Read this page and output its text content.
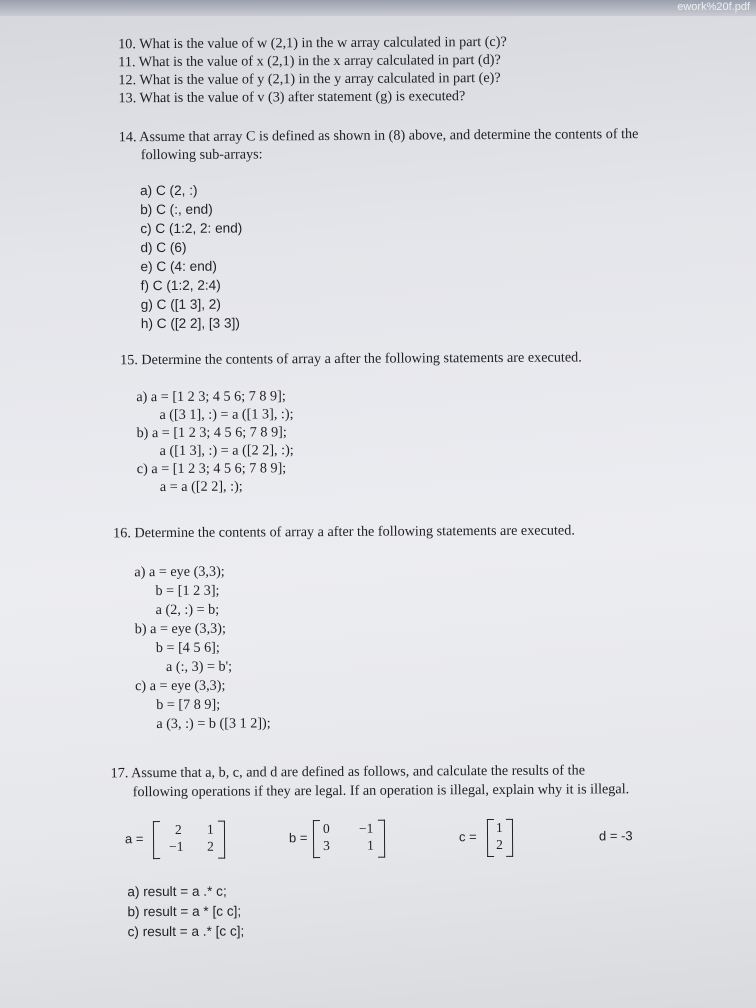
ework%20f.pdf
10. What is the value of w (2,1) in the w array calculated in part (c)?
11. What is the value of x (2,1) in the x array calculated in part (d)?
12. What is the value of y (2,1) in the y array calculated in part (e)?
13. What is the value of v (3) after statement (g) is executed?
14. Assume that array C is defined as shown in (8) above, and determine the contents of the
following sub-arrays:
a) C (2, :)
b) C (:, end)
c) C (1:2, 2: end)
d) C (6)
e) C (4: end)
f) C (1:2, 2:4)
g) C ([1 3], 2)
h) C ([2 2], [3 3])
15. Determine the contents of array a after the following statements are executed.
a) a = [1 2 3; 4 5 6; 7 8 9];
a ([3 1], :) = a ([1 3], :);
b) a = [1 2 3; 4 5 6; 7 8 9];
a ([1 3], :) = a ([2 2], :);
c) a = [1 2 3; 4 5 6; 7 8 9];
a = a ([2 2], :);
16. Determine the contents of array a after the following statements are executed.
a) a = eye (3,3);
b = [1 2 3];
a (2, :) = b;
b) a = eye (3,3);
b = [4 5 6];
a (:, 3) = b';
c) a = eye (3,3);
b = [7 8 9];
a (3, :) = b ([3 1 2]);
17. Assume that a, b, c, and d are defined as follows, and calculate the results of the
following operations if they are legal. If an operation is illegal, explain why it is illegal.
a =
2 1
−1 2
b =
0 −1
3	1
c =
1
2
d = -3
a) result = a .* c;
b) result = a * [c c];
c) result = a .* [c c];
